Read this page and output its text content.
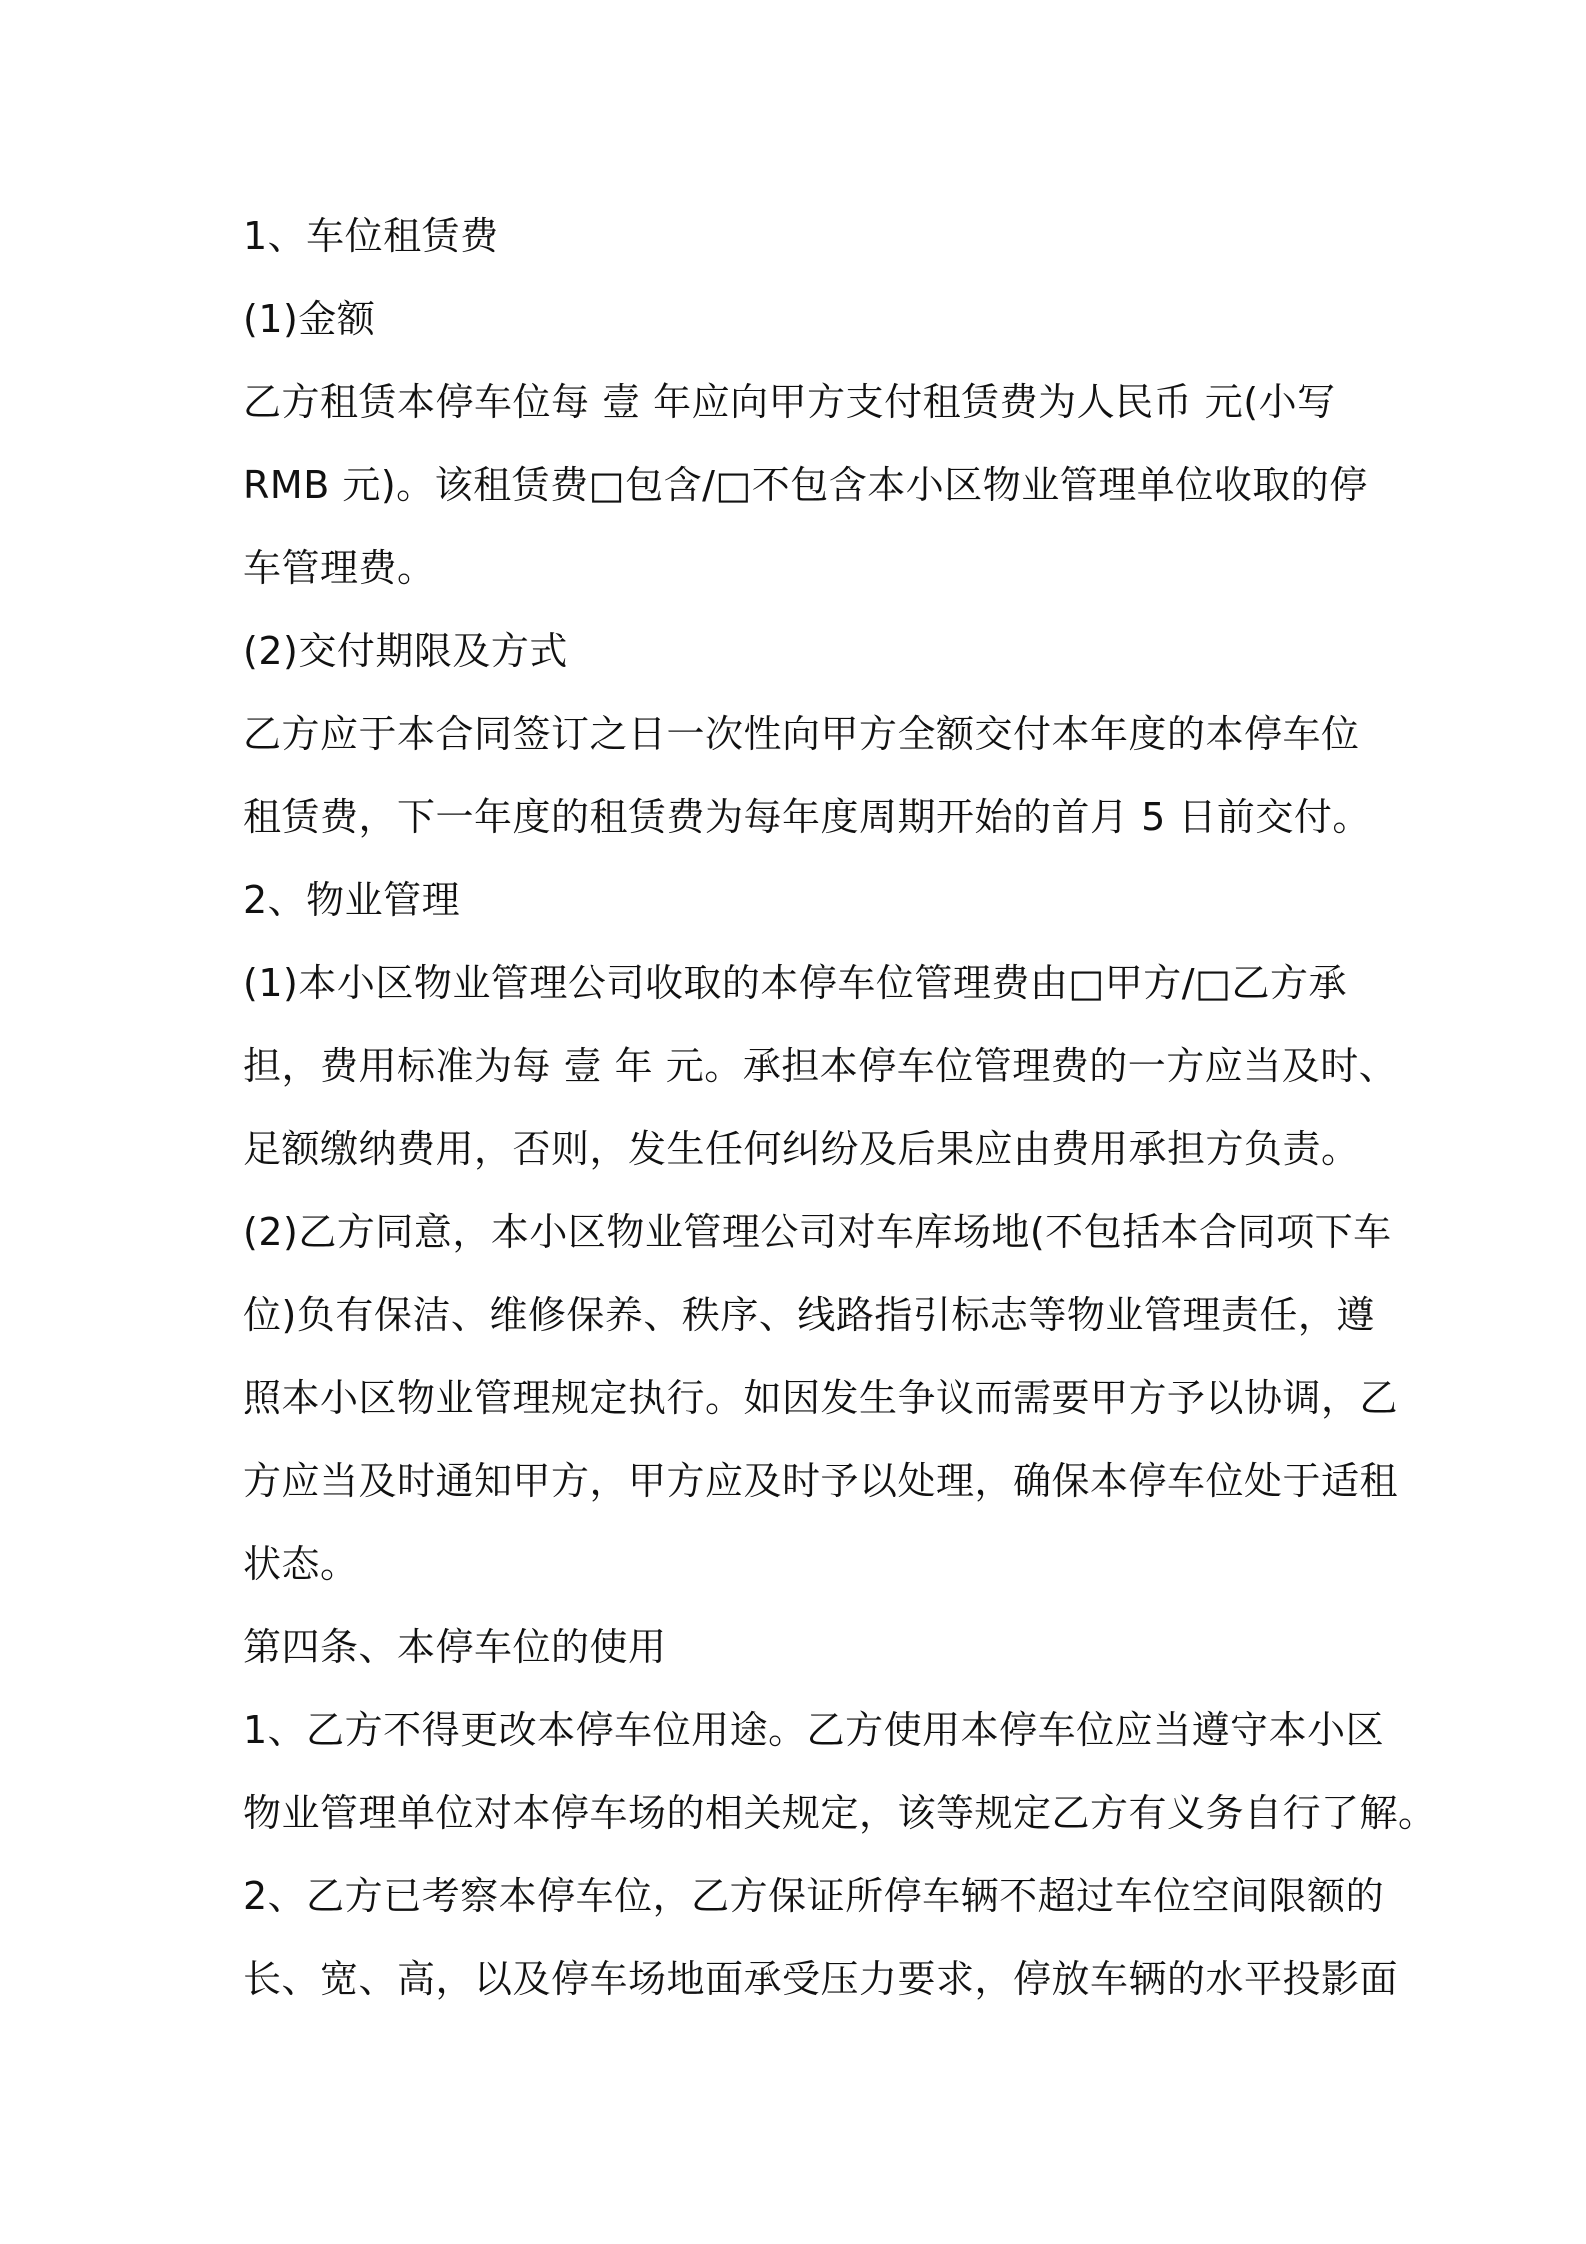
1、车位租赁费
(1)金额
乙方租赁本停车位每 壹 年应向甲方支付租赁费为人民币 元(小写
RMB 元)。该租赁费□包含/□不包含本小区物业管理单位收取的停
车管理费。
(2)交付期限及方式
乙方应于本合同签订之日一次性向甲方全额交付本年度的本停车位
租赁费，下一年度的租赁费为每年度周期开始的首月 5 日前交付。
2、物业管理
(1)本小区物业管理公司收取的本停车位管理费由□甲方/□乙方承
担，费用标准为每 壹 年 元。承担本停车位管理费的一方应当及时、
足额缴纳费用，否则，发生任何纠纷及后果应由费用承担方负责。
(2)乙方同意，本小区物业管理公司对车库场地(不包括本合同项下车
位)负有保洁、维修保养、秩序、线路指引标志等物业管理责任，遵
照本小区物业管理规定执行。如因发生争议而需要甲方予以协调，乙
方应当及时通知甲方，甲方应及时予以处理，确保本停车位处于适租
状态。
第四条、本停车位的使用
1、乙方不得更改本停车位用途。乙方使用本停车位应当遵守本小区
物业管理单位对本停车场的相关规定，该等规定乙方有义务自行了解。
2、乙方已考察本停车位，乙方保证所停车辆不超过车位空间限额的
长、宽、高，以及停车场地面承受压力要求，停放车辆的水平投影面
